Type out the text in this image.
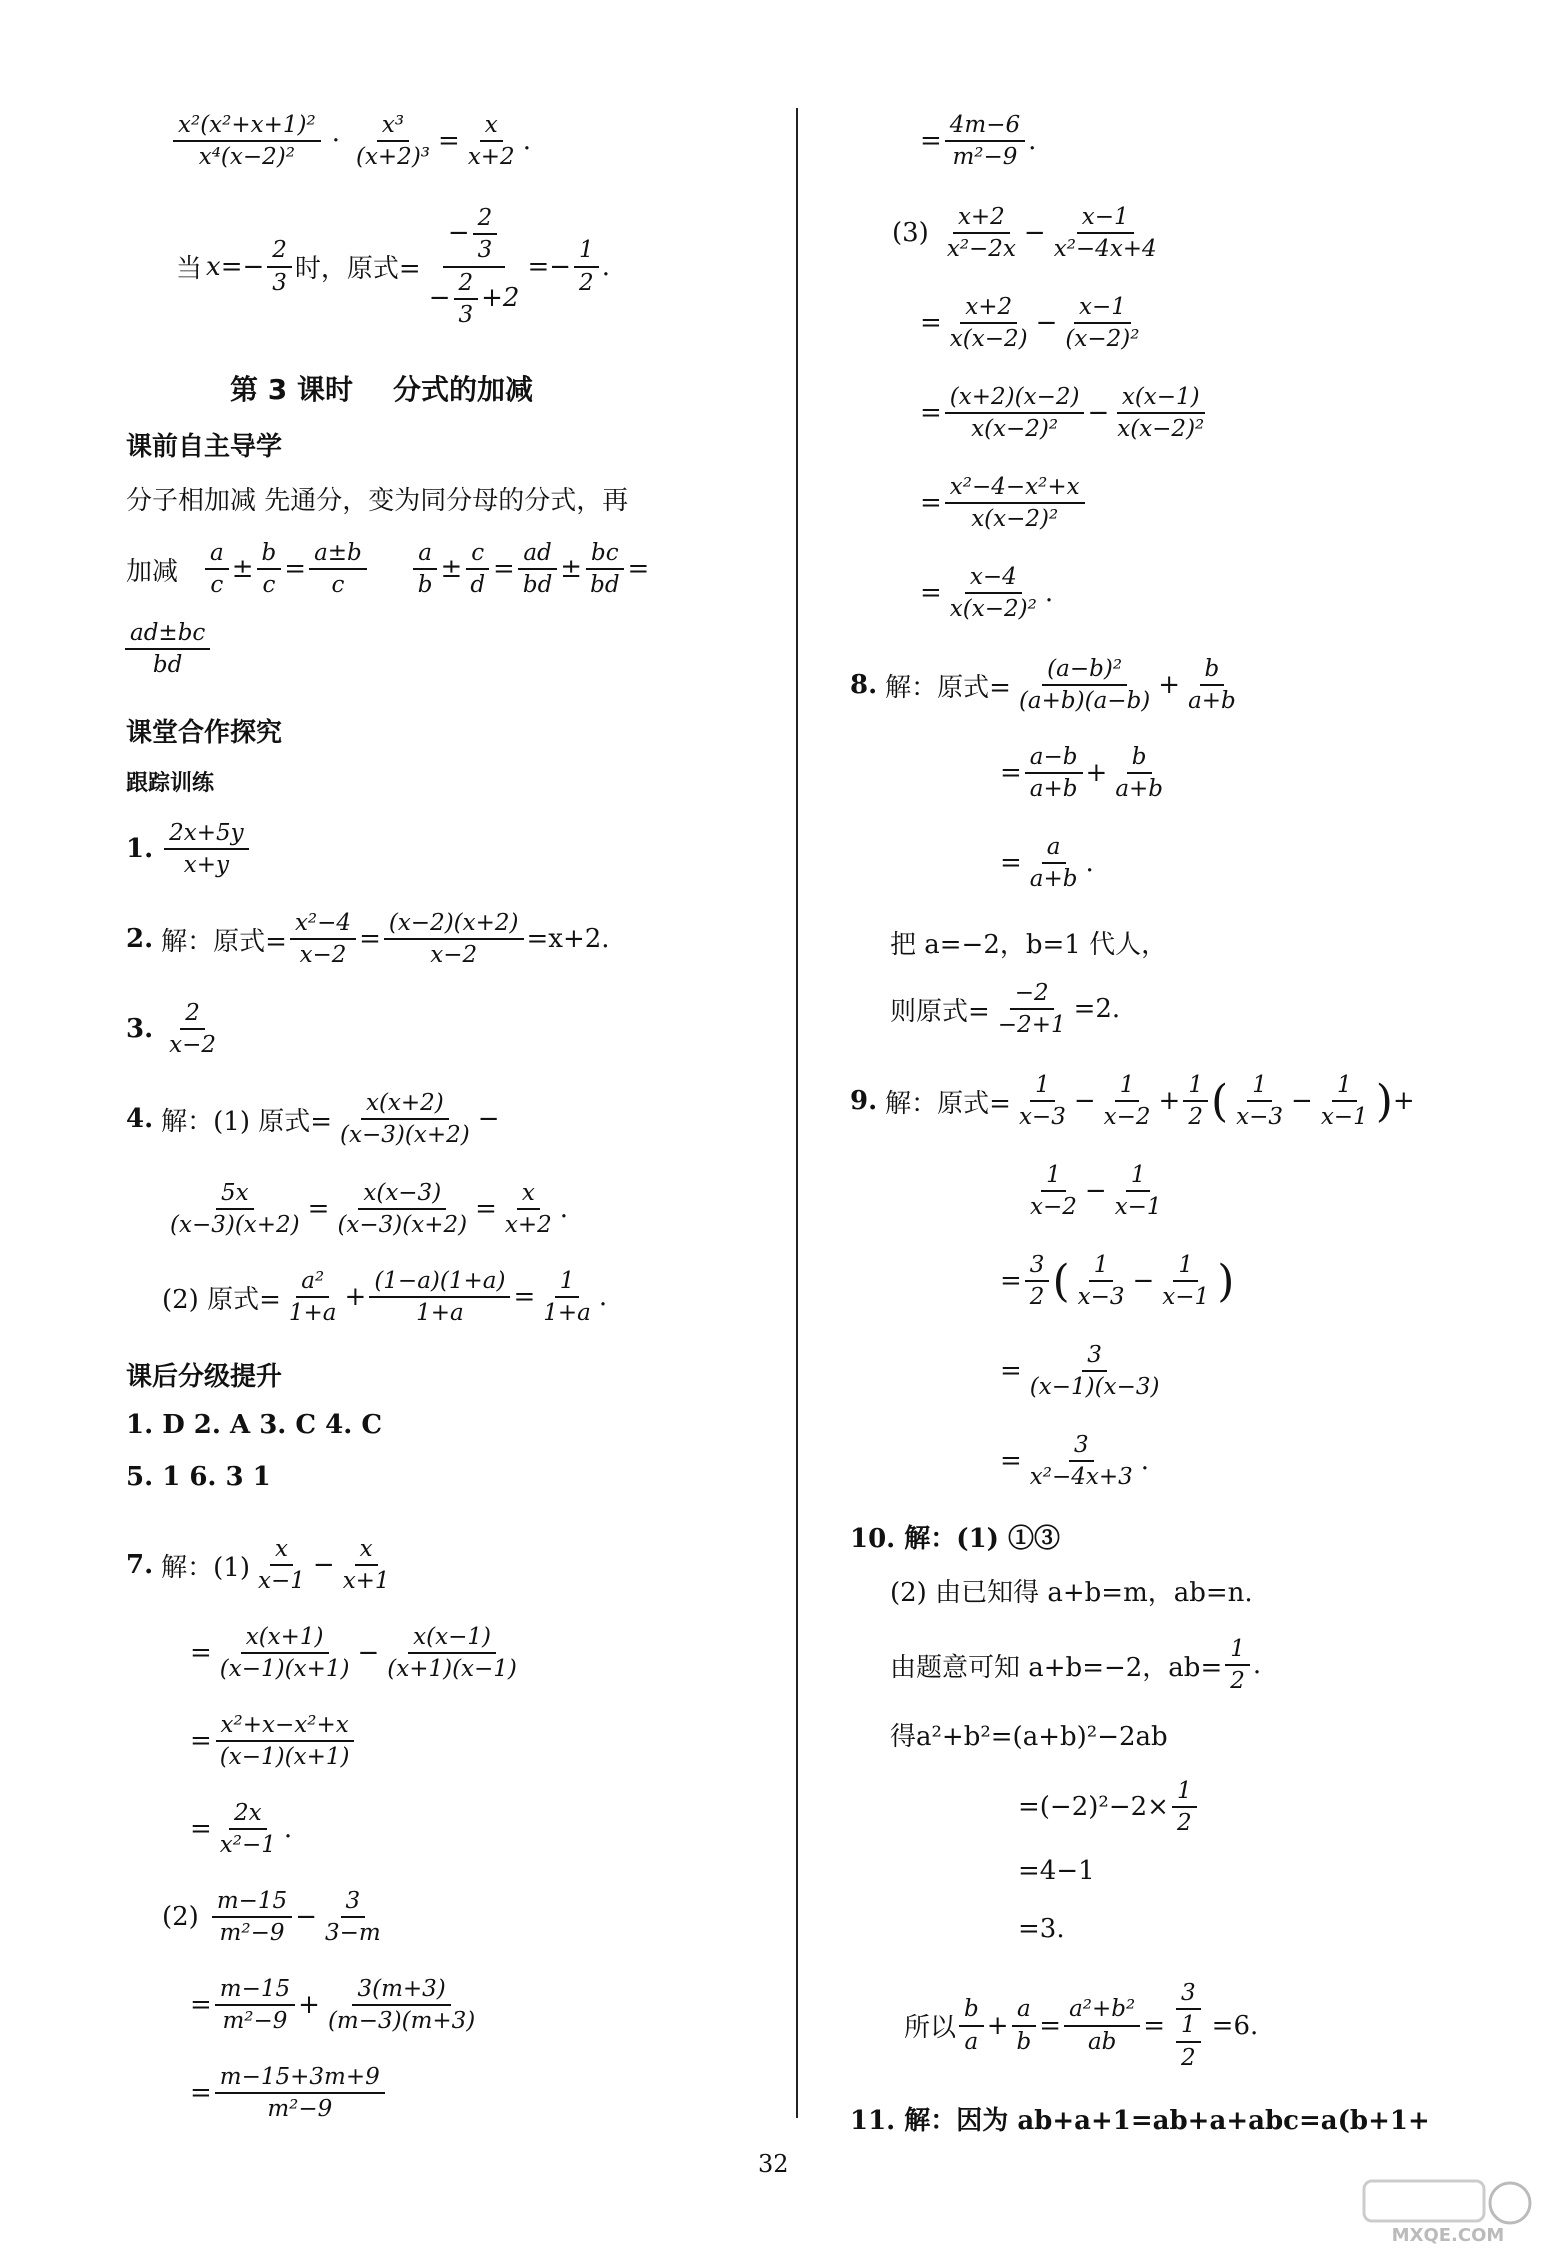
x²(x²+x+1)²
x⁴(x−2)²
· $\frac{\text{x³}}{\text{(x+2)³}} = \frac{x}{x+2}$ .
当 $x =- \frac{2}{3}$ 时，原式= $\frac{- \frac{2}{3}}{- \frac{2}{3} +2} =- \frac{1}{2}$ .
第 3 课时 分式的加减
课前自主导学
分子相加减 先通分，变为同分母的分式，再
加减
a
c
± $\frac{b}{c} = \frac{a\pm b}{c}$ a
b
± $\frac{c}{d} = \frac{ad}{bd} \pm \frac{bc}{bd}$ =
ad±bc
bd
课堂合作探究
跟踪训练
1.
2x+5y
x+y
2. 解：原式= $\frac{\text{x²−4}}{x-2} = \frac{(x-2)(x+2)}{x-2} =x+2$.
3.
2
x−2
4. 解：(1) 原式= $\frac{x(x+2)}{(x-3)(x+2)}$ −
$\frac{5x}{(x-3)(x+2)} = \frac{x(x-3)}{(x-3)(x+2)} = \frac{x}{x+2}$ .
(2) 原式= $\frac{\text{a²}}{1+a} + \frac{(1-a)(1+a)}{1+a} = \frac{1}{1+a}$ .
课后分级提升
1. D 2. A 3. C 4. C
5. 1 6. 3 1
7. 解：(1)
x
x−1
− $\frac{x}{x+1}$
= $\frac{x(x+1)}{(x-1)(x+1)} - \frac{x(x-1)}{(x+1)(x-1)}$
= $\frac{\text{x²+x−x²+x}}{(x-1)(x+1)}$
= $\frac{2x}{\text{x²−1}}$ .
(2)
m−15
m²−9
− $\frac{3}{3-m}$
= $\frac{m-15}{\text{m²−9}} + \frac{3(m+3)}{(m-3)(m+3)}$
= $\frac{m-15+3m+9}{\text{m²−9}}$
= $\frac{4m-6}{\text{m²−9}}$ .
(3)
x+2
x²−2x
− $\frac{x-1}{\text{x²−4x+4}}$
= $\frac{x+2}{x(x-2)} - \frac{x-1}{\text{(x−2)²}}$
= $\frac{(x+2)(x-2)}{\text{x(x−2)²}} - \frac{x(x-1)}{\text{x(x−2)²}}$
= $\frac{\text{x²−4−x²+x}}{\text{x(x−2)²}}$
= $\frac{x-4}{\text{x(x−2)²}}$ .
8. 解：原式= $\frac{\text{(a−b)²}}{(a+b)(a-b)} + \frac{b}{a+b}$
= $\frac{a-b}{a+b} + \frac{b}{a+b}$
= $\frac{a}{a+b}$ .
把 a=−2，b=1 代人，
则原式= $\frac{-2}{-2+1} =2$.
9. 解：原式= $\frac{1}{x-3} - \frac{1}{x-2} + \frac{1}{2}$ ( 1
x−3
− $\frac{1}{x-1}$ ) +
1
x−2
− $\frac{1}{x-1}$
= $\frac{3}{2}$ ( 1
x−3
− $\frac{1}{x-1}$ )
= $\frac{3}{(x-1)(x-3)}$
= $\frac{3}{\text{x²−4x+3}}$ .
10. 解：(1) ①③
(2) 由已知得 a+b=m，ab=n.
由题意可知 a+b=−2，$ab= \frac{1}{2}$ .
得a²+b²=(a+b)²−2ab
$=(-2)^2-2\times \frac{1}{2}$
=4−1
=3.
所以
b
a
+ $\frac{a}{b} = \frac{\text{a²+b²}}{ab} = \frac{3}{\frac{1}{2}} =6$.
11. 解：因为 ab+a+1=ab+a+abc=a(b+1+
32
MXQE.COM
